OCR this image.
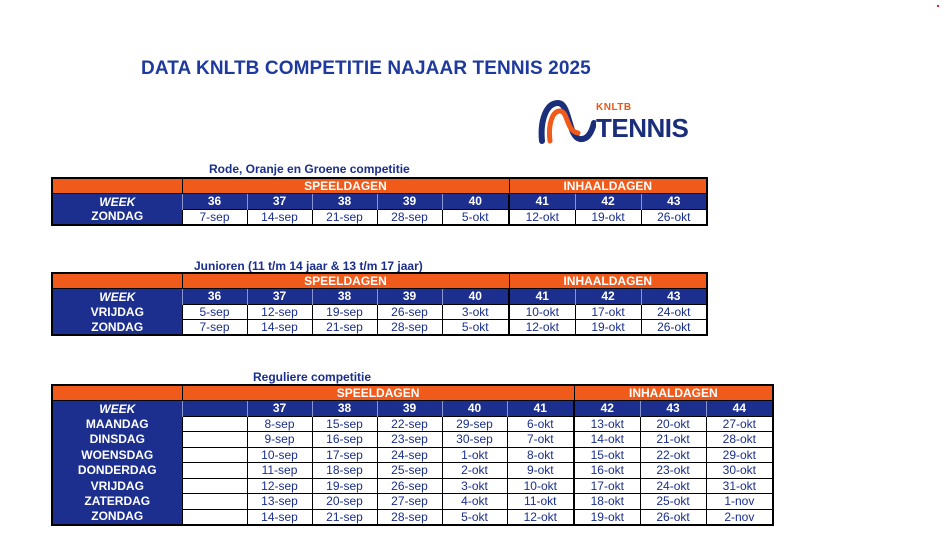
DATA KNLTB COMPETITIE NAJAAR TENNIS 2025
KNLTB
TENNIS
Rode, Oranje en Groene competitie
	SPEELDAGEN					INHAALDAGEN		
WEEK	36	37	38	39	40	41	42	43
ZONDAG	7-sep	14-sep	21-sep	28-sep	5-okt	12-okt	19-okt	26-okt
Junioren (11 t/m 14 jaar & 13 t/m 17 jaar)
	SPEELDAGEN					INHAALDAGEN		
WEEK	36	37	38	39	40	41	42	43
VRIJDAG	5-sep	12-sep	19-sep	26-sep	3-okt	10-okt	17-okt	24-okt
ZONDAG	7-sep	14-sep	21-sep	28-sep	5-okt	12-okt	19-okt	26-okt
Reguliere competitie
	SPEELDAGEN						INHAALDAGEN		
WEEK		37	38	39	40	41	42	43	44
MAANDAG		8-sep	15-sep	22-sep	29-sep	6-okt	13-okt	20-okt	27-okt
DINSDAG		9-sep	16-sep	23-sep	30-sep	7-okt	14-okt	21-okt	28-okt
WOENSDAG		10-sep	17-sep	24-sep	1-okt	8-okt	15-okt	22-okt	29-okt
DONDERDAG		11-sep	18-sep	25-sep	2-okt	9-okt	16-okt	23-okt	30-okt
VRIJDAG		12-sep	19-sep	26-sep	3-okt	10-okt	17-okt	24-okt	31-okt
ZATERDAG		13-sep	20-sep	27-sep	4-okt	11-okt	18-okt	25-okt	1-nov
ZONDAG		14-sep	21-sep	28-sep	5-okt	12-okt	19-okt	26-okt	2-nov
